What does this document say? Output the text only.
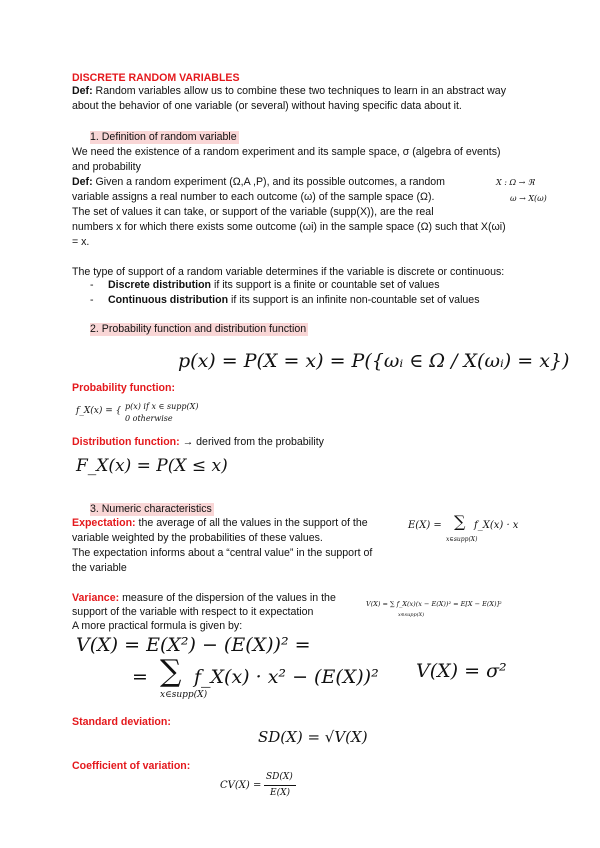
DISCRETE RANDOM VARIABLES
Def: Random variables allow us to combine these two techniques to learn in an abstract way
about the behavior of one variable (or several) without having specific data about it.
1. Definition of random variable
We need the existence of a random experiment and its sample space, σ (algebra of events)
and probability
Def: Given a random experiment (Ω,A ,P), and its possible outcomes, a random
variable assigns a real number to each outcome (ω) of the sample space (Ω).
The set of values it can take, or support of the variable (supp(X)), are the real
numbers x for which there exists some outcome (ωi) in the sample space (Ω) such that X(ωi)
= x.
X : Ω → ℜ
ω → X(ω)
The type of support of a random variable determines if the variable is discrete or continuous:
- Discrete distribution if its support is a finite or countable set of values
- Continuous distribution if its support is an infinite non-countable set of values
2. Probability function and distribution function
p(x) = P(X = x) = P({ωᵢ ∈ Ω / X(ωᵢ) = x})
Probability function:
f_X(x) = { p(x) if x ∈ supp(X)
0 otherwise
Distribution function: → derived from the probability
F_X(x) = P(X ≤ x)
3. Numeric characteristics
Expectation: the average of all the values in the support of the
variable weighted by the probabilities of these values.
The expectation informs about a “central value” in the support of
the variable
E(X) = ∑
x∈supp(X)
f_X(x) · x
Variance: measure of the dispersion of the values in the
support of the variable with respect to it expectation
A more practical formula is given by:
V(X) = ∑ f_X(x)(x − E(X))² = E[X − E(X)]²
x∈supp(X)
V(X) = E(X²) − (E(X))² =
= ∑ f_X(x) · x² − (E(X))²
x∈supp(X)
V(X) = σ²
Standard deviation:
SD(X) = √V(X)
Coefficient of variation:
CV(X) =
SD(X)
E(X)
